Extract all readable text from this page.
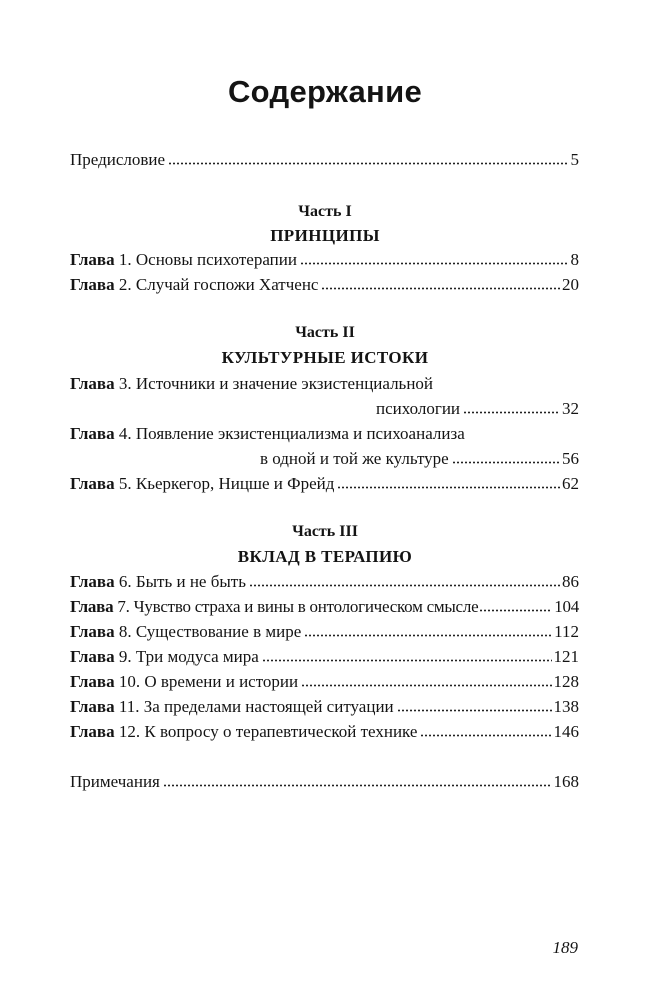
Содержание
Предисловие	5
Часть I
ПРИНЦИПЫ
Глава 1. Основы психотерапии	8
Глава 2. Случай госпожи Хатченс	20
Часть II
КУЛЬТУРНЫЕ ИСТОКИ
Глава 3. Источники и значение экзистенциальной
психологии	32
Глава 4. Появление экзистенциализма и психоанализа
в одной и той же культуре	56
Глава 5. Кьеркегор, Ницше и Фрейд	62
Часть III
ВКЛАД В ТЕРАПИЮ
Глава 6. Быть и не быть	86
Глава 7. Чувство страха и вины в онтологическом смысле	104
Глава 8. Существование в мире	112
Глава 9. Три модуса мира	121
Глава 10. О времени и истории	128
Глава 11. За пределами настоящей ситуации	138
Глава 12. К вопросу о терапевтической технике	146
Примечания	168
189
